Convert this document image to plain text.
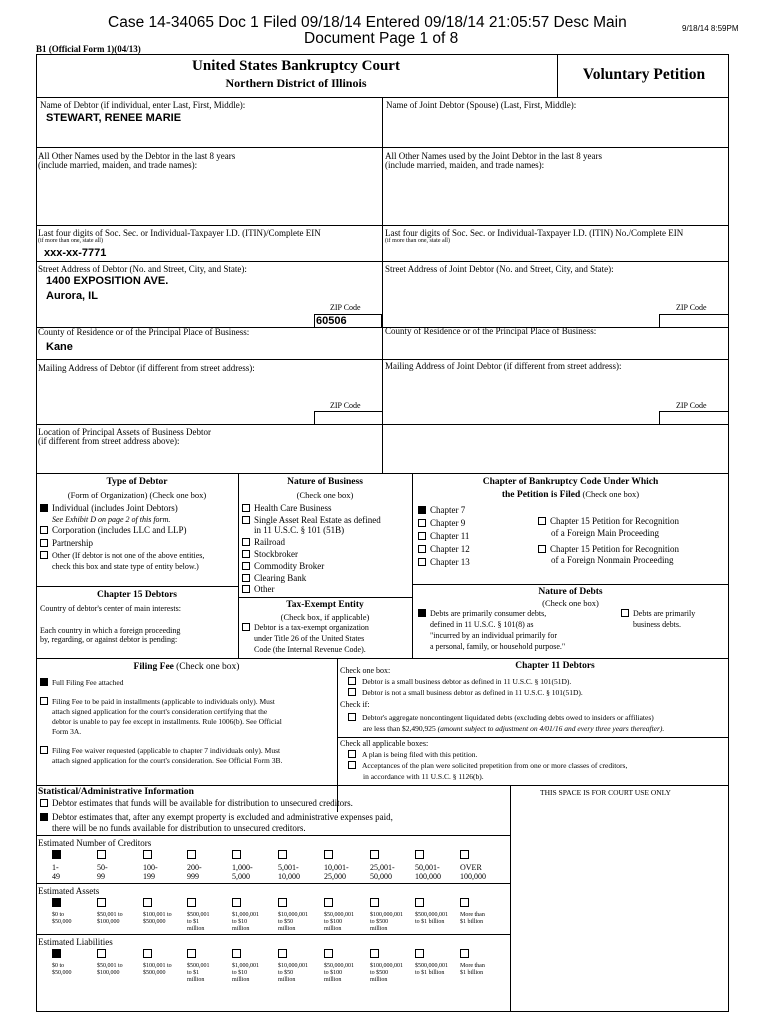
Case 14-34065 Doc 1 Filed 09/18/14 Entered 09/18/14 21:05:57 Desc Main
Document Page 1 of 8
9/18/14 8:59PM
B1 (Official Form 1)(04/13)
United States Bankruptcy Court
Northern District of Illinois	Voluntary Petition
Name of Debtor (if individual, enter Last, First, Middle):
STEWART, RENEE MARIE
Name of Joint Debtor (Spouse) (Last, First, Middle):
All Other Names used by the Debtor in the last 8 years
(include married, maiden, and trade names):
All Other Names used by the Joint Debtor in the last 8 years
(include married, maiden, and trade names):
Last four digits of Soc. Sec. or Individual-Taxpayer I.D. (ITIN)/Complete EIN
(if more than one, state all)
xxx-xx-7771
Last four digits of Soc. Sec. or Individual-Taxpayer I.D. (ITIN) No./Complete EIN
(if more than one, state all)
Street Address of Debtor (No. and Street, City, and State):
1400 EXPOSITION AVE.
Aurora, IL
ZIP Code
60506
Street Address of Joint Debtor (No. and Street, City, and State):
ZIP Code
County of Residence or of the Principal Place of Business:
Kane
County of Residence or of the Principal Place of Business:
Mailing Address of Debtor (if different from street address):	Mailing Address of Joint Debtor (if different from street address):
ZIP Code	ZIP Code
Location of Principal Assets of Business Debtor
(if different from street address above):
Type of Debtor
(Form of Organization) (Check one box)
Individual (includes Joint Debtors)
See Exhibit D on page 2 of this form.
Corporation (includes LLC and LLP)
Partnership
Other (If debtor is not one of the above entities,
check this box and state type of entity below.)
Chapter 15 Debtors
Country of debtor's center of main interests:
Each country in which a foreign proceeding
by, regarding, or against debtor is pending:
Nature of Business
(Check one box)
Health Care Business
Single Asset Real Estate as defined
in 11 U.S.C. § 101 (51B)
Railroad
Stockbroker
Commodity Broker
Clearing Bank
Other
Tax-Exempt Entity
(Check box, if applicable)
Debtor is a tax-exempt organization
under Title 26 of the United States
Code (the Internal Revenue Code).
Chapter of Bankruptcy Code Under Which
the Petition is Filed (Check one box)
Chapter 7
Chapter 9
Chapter 11
Chapter 12
Chapter 13
Chapter 15 Petition for Recognition
of a Foreign Main Proceeding
Chapter 15 Petition for Recognition
of a Foreign Nonmain Proceeding
Nature of Debts
(Check one box)
Debts are primarily consumer debts,
defined in 11 U.S.C. § 101(8) as
"incurred by an individual primarily for
a personal, family, or household purpose."
Debts are primarily
business debts.
Filing Fee (Check one box)
Full Filing Fee attached
Filing Fee to be paid in installments (applicable to individuals only). Must
attach signed application for the court's consideration certifying that the
debtor is unable to pay fee except in installments. Rule 1006(b). See Official
Form 3A.
Filing Fee waiver requested (applicable to chapter 7 individuals only). Must
attach signed application for the court's consideration. See Official Form 3B.
Chapter 11 Debtors
Check one box:
Debtor is a small business debtor as defined in 11 U.S.C. § 101(51D).
Debtor is not a small business debtor as defined in 11 U.S.C. § 101(51D).
Check if:
Debtor's aggregate noncontingent liquidated debts (excluding debts owed to insiders or affiliates)
are less than $2,490,925 (amount subject to adjustment on 4/01/16 and every three years thereafter).
Check all applicable boxes:
A plan is being filed with this petition.
Acceptances of the plan were solicited prepetition from one or more classes of creditors,
in accordance with 11 U.S.C. § 1126(b).
Statistical/Administrative Information	THIS SPACE IS FOR COURT USE ONLY
Debtor estimates that funds will be available for distribution to unsecured creditors.
Debtor estimates that, after any exempt property is excluded and administrative expenses paid,
there will be no funds available for distribution to unsecured creditors.
Estimated Number of Creditors
1-
49
50-
99
100-
199
200-
999
1,000-
5,000
5,001-
10,000
10,001-
25,000
25,001-
50,000
50,001-
100,000
OVER
100,000
Estimated Assets
$0 to
$50,000
$50,001 to
$100,000
$100,001 to
$500,000
$500,001
to $1
million
$1,000,001
to $10
million
$10,000,001
to $50
million
$50,000,001
to $100
million
$100,000,001
to $500
million
$500,000,001
to $1 billion
More than
$1 billion
Estimated Liabilities
$0 to
$50,000
$50,001 to
$100,000
$100,001 to
$500,000
$500,001
to $1
million
$1,000,001
to $10
million
$10,000,001
to $50
million
$50,000,001
to $100
million
$100,000,001
to $500
million
$500,000,001
to $1 billion
More than
$1 billion
